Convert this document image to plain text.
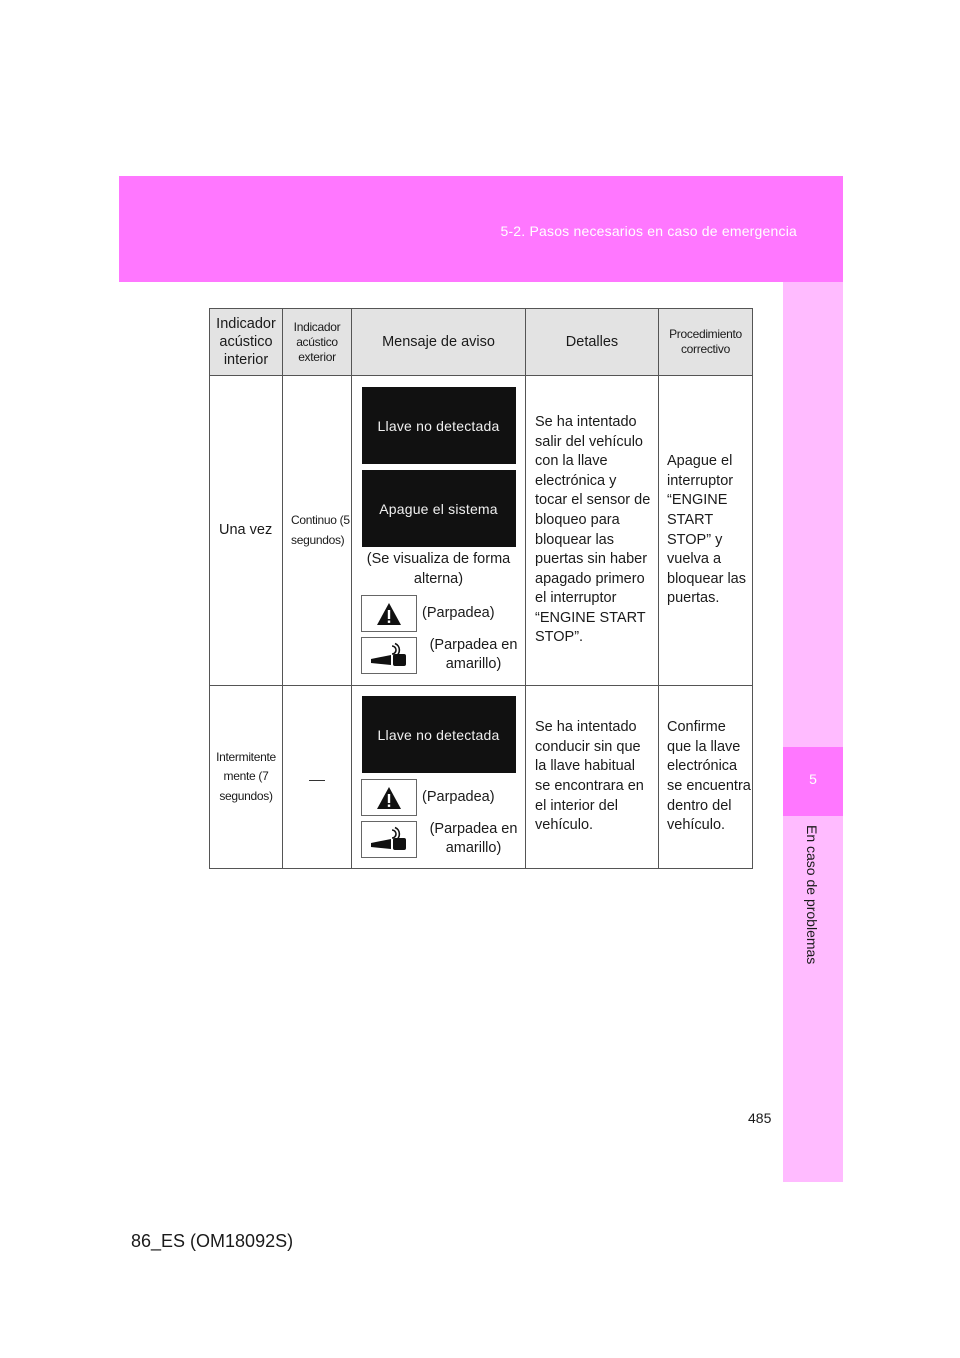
5-2. Pasos necesarios en caso de emergencia
5
En caso de problemas
Indicador acústico interior	Indicador acústico exterior	Mensaje de aviso	Detalles	Procedimiento correctivo
Una vez	Continuo (5 segundos)	Llave no detectada
Apague el sistema
(Se visualiza de forma alterna)
(Parpadea)
(Parpadea en amarillo)	Se ha intentado salir del vehículo con la llave electrónica y tocar el sensor de bloqueo para bloquear las puertas sin haber apagado primero el interruptor “ENGINE START STOP”.	Apague el interruptor “ENGINE START STOP” y vuelva a bloquear las puertas.
Intermitente mente (7 segundos)		Llave no detectada
(Parpadea)
(Parpadea en amarillo)	Se ha intentado conducir sin que la llave habitual se encontrara en el interior del vehículo.	Confirme que la llave electrónica se encuentra dentro del vehículo.
485
86_ES (OM18092S)
